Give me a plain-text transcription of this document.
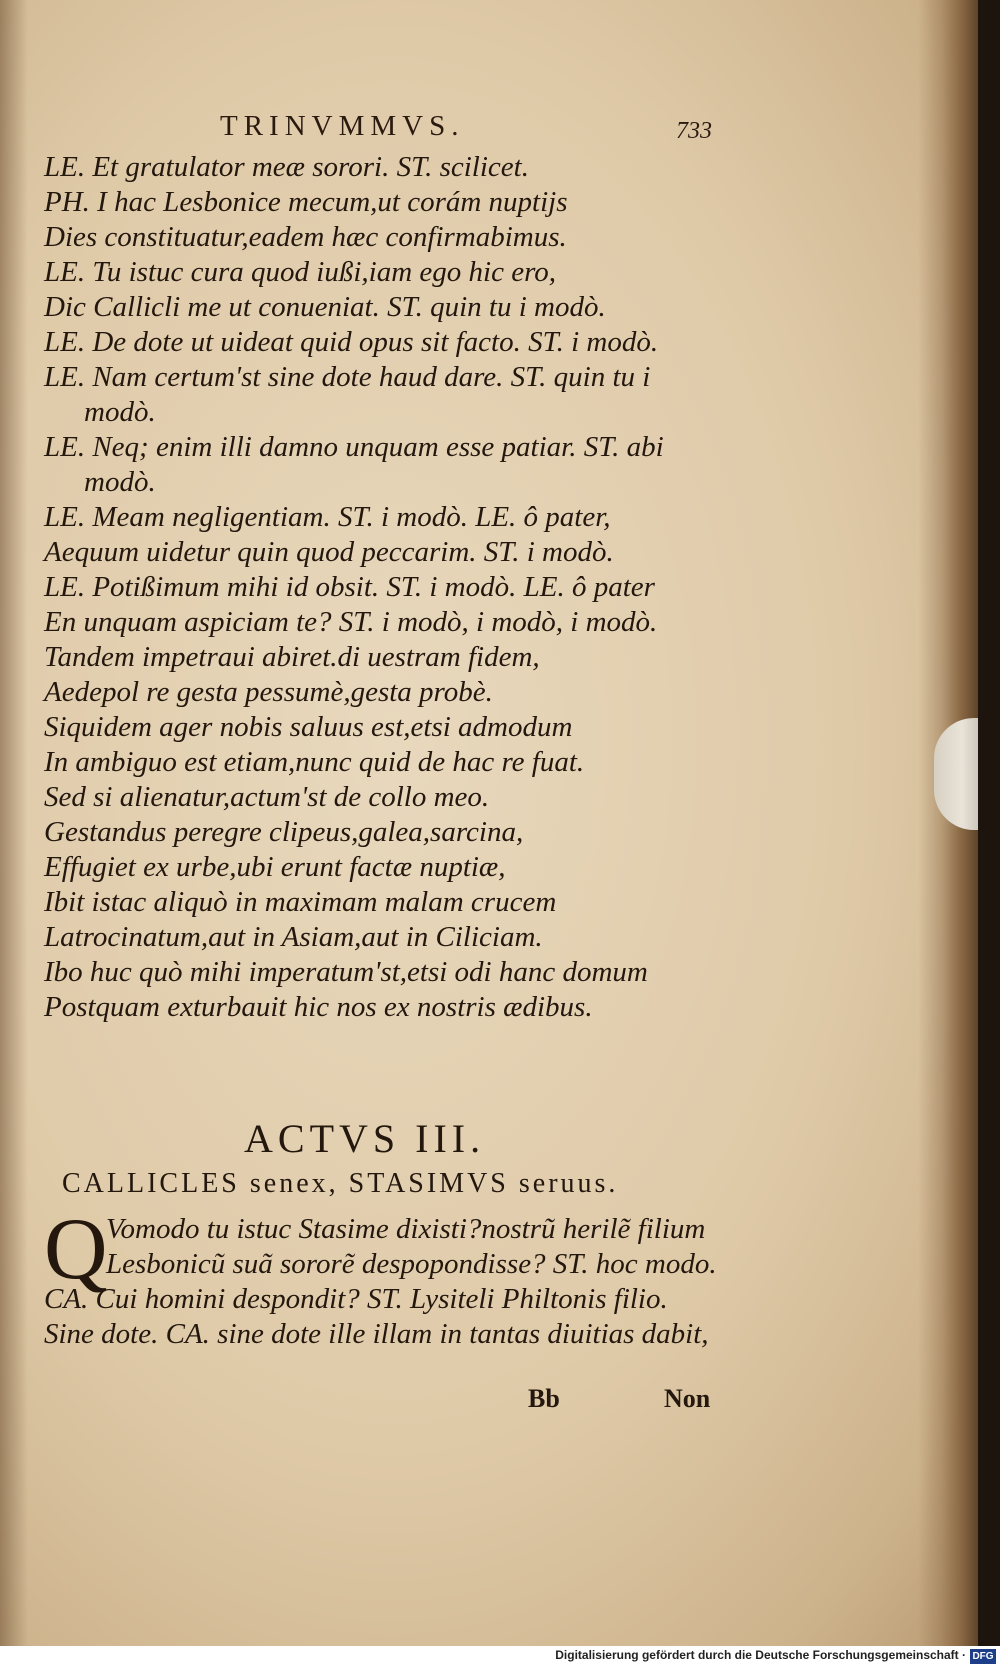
TRINVMMVS.	733
LE. Et gratulator meæ sorori. ST. scilicet.
PH. I hac Lesbonice mecum,ut corám nuptijs
Dies constituatur,eadem hæc confirmabimus.
LE. Tu istuc cura quod iußi,iam ego hic ero,
Dic Callicli me ut conueniat. ST. quin tu i modò.
LE. De dote ut uideat quid opus sit facto. ST. i modò.
LE. Nam certum'st sine dote haud dare. ST. quin tu i
modò.
LE. Neq; enim illi damno unquam esse patiar. ST. abi
modò.
LE. Meam negligentiam. ST. i modò. LE. ô pater,
Aequum uidetur quin quod peccarim. ST. i modò.
LE. Potißimum mihi id obsit. ST. i modò. LE. ô pater
En unquam aspiciam te? ST. i modò, i modò, i modò.
Tandem impetraui abiret.di uestram fidem,
Aedepol re gesta pessumè,gesta probè.
Siquidem ager nobis saluus est,etsi admodum
In ambiguo est etiam,nunc quid de hac re fuat.
Sed si alienatur,actum'st de collo meo.
Gestandus peregre clipeus,galea,sarcina,
Effugiet ex urbe,ubi erunt factæ nuptiæ,
Ibit istac aliquò in maximam malam crucem
Latrocinatum,aut in Asiam,aut in Ciliciam.
Ibo huc quò mihi imperatum'st,etsi odi hanc domum
Postquam exturbauit hic nos ex nostris ædibus.
ACTVS III.
CALLICLES senex, STASIMVS seruus.
Q
Vomodo tu istuc Stasime dixisti?nostrũ herilẽ filium
Lesbonicũ suã sororẽ despopondisse? ST. hoc modo.
CA. Cui homini despondit? ST. Lysiteli Philtonis filio.
Sine dote. CA. sine dote ille illam in tantas diuitias dabit,
Bb	Non
Digitalisierung gefördert durch die Deutsche Forschungsgemeinschaft · DFG
